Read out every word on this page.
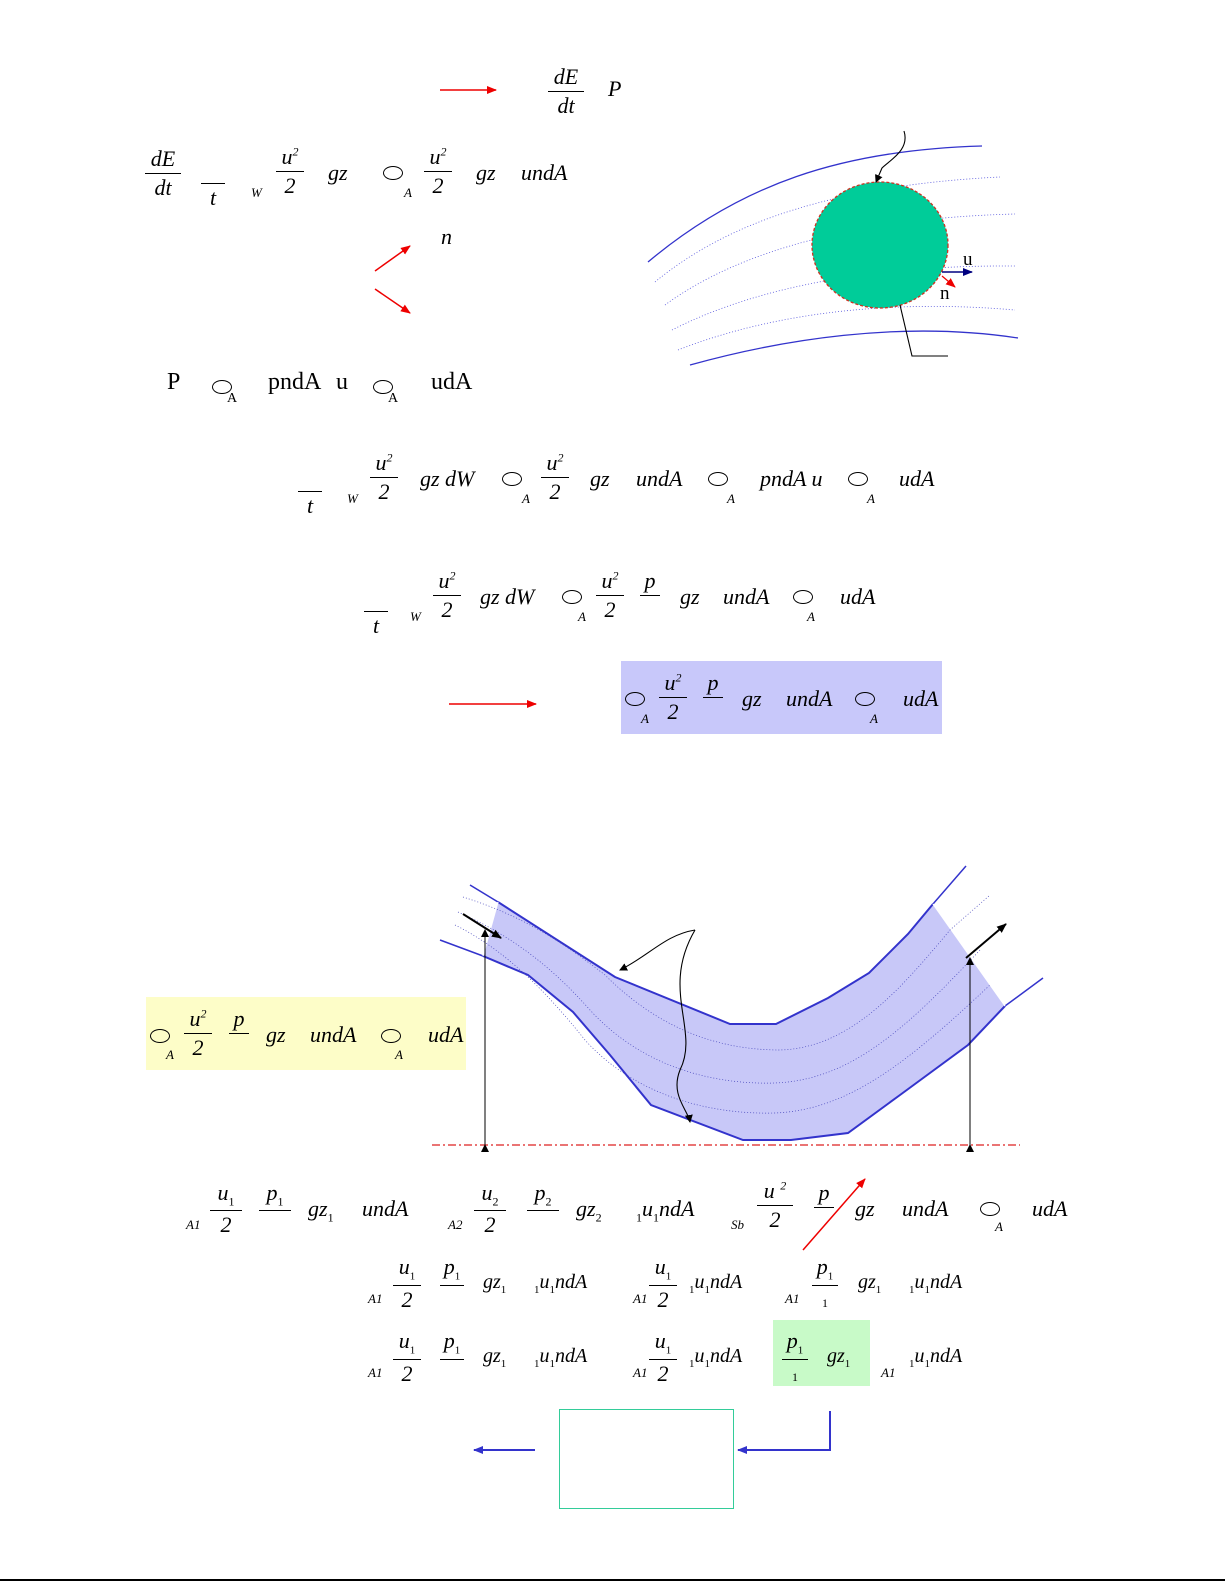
dE
dt
P
dE
dt	t	W
$u^2$
2
gz
A
$u^2$
2
gz undA
n
u
n
P
A
pndA u
A
udA
t	W
$u^2$
2
gz dW
A
$u^2$
2
gz undA
A
pndA u
A
udA
t	W
$u^2$
2
gz dW
A
$u^2$
2
p
gz undA
A
udA
A
$u^2$
2
p
gz undA
A
udA
A
$u^2$
2
p
gz undA
A
udA
A1
$u_1$
2
$p_1$	$gz_1$ undA
A2
$u_2$
2
$p_2$	$gz_2$	$_1u_1ndA$
Sb
u $^2$
2
p
gz undA
A
udA
A1
$u_1$
2
$p_1$ $gz_1$	$_1u_1ndA$
A1
$u_1$
2	$_1u_1ndA$
A1
$p_1$
1
$gz_1$	$_1u_1ndA$
A1
$u_1$
2
$p_1$ $gz_1$	$_1u_1ndA$
A1
$u_1$
2	$_1u_1ndA$
$p_1$
1
$gz_1$
A1
$_1u_1ndA$
